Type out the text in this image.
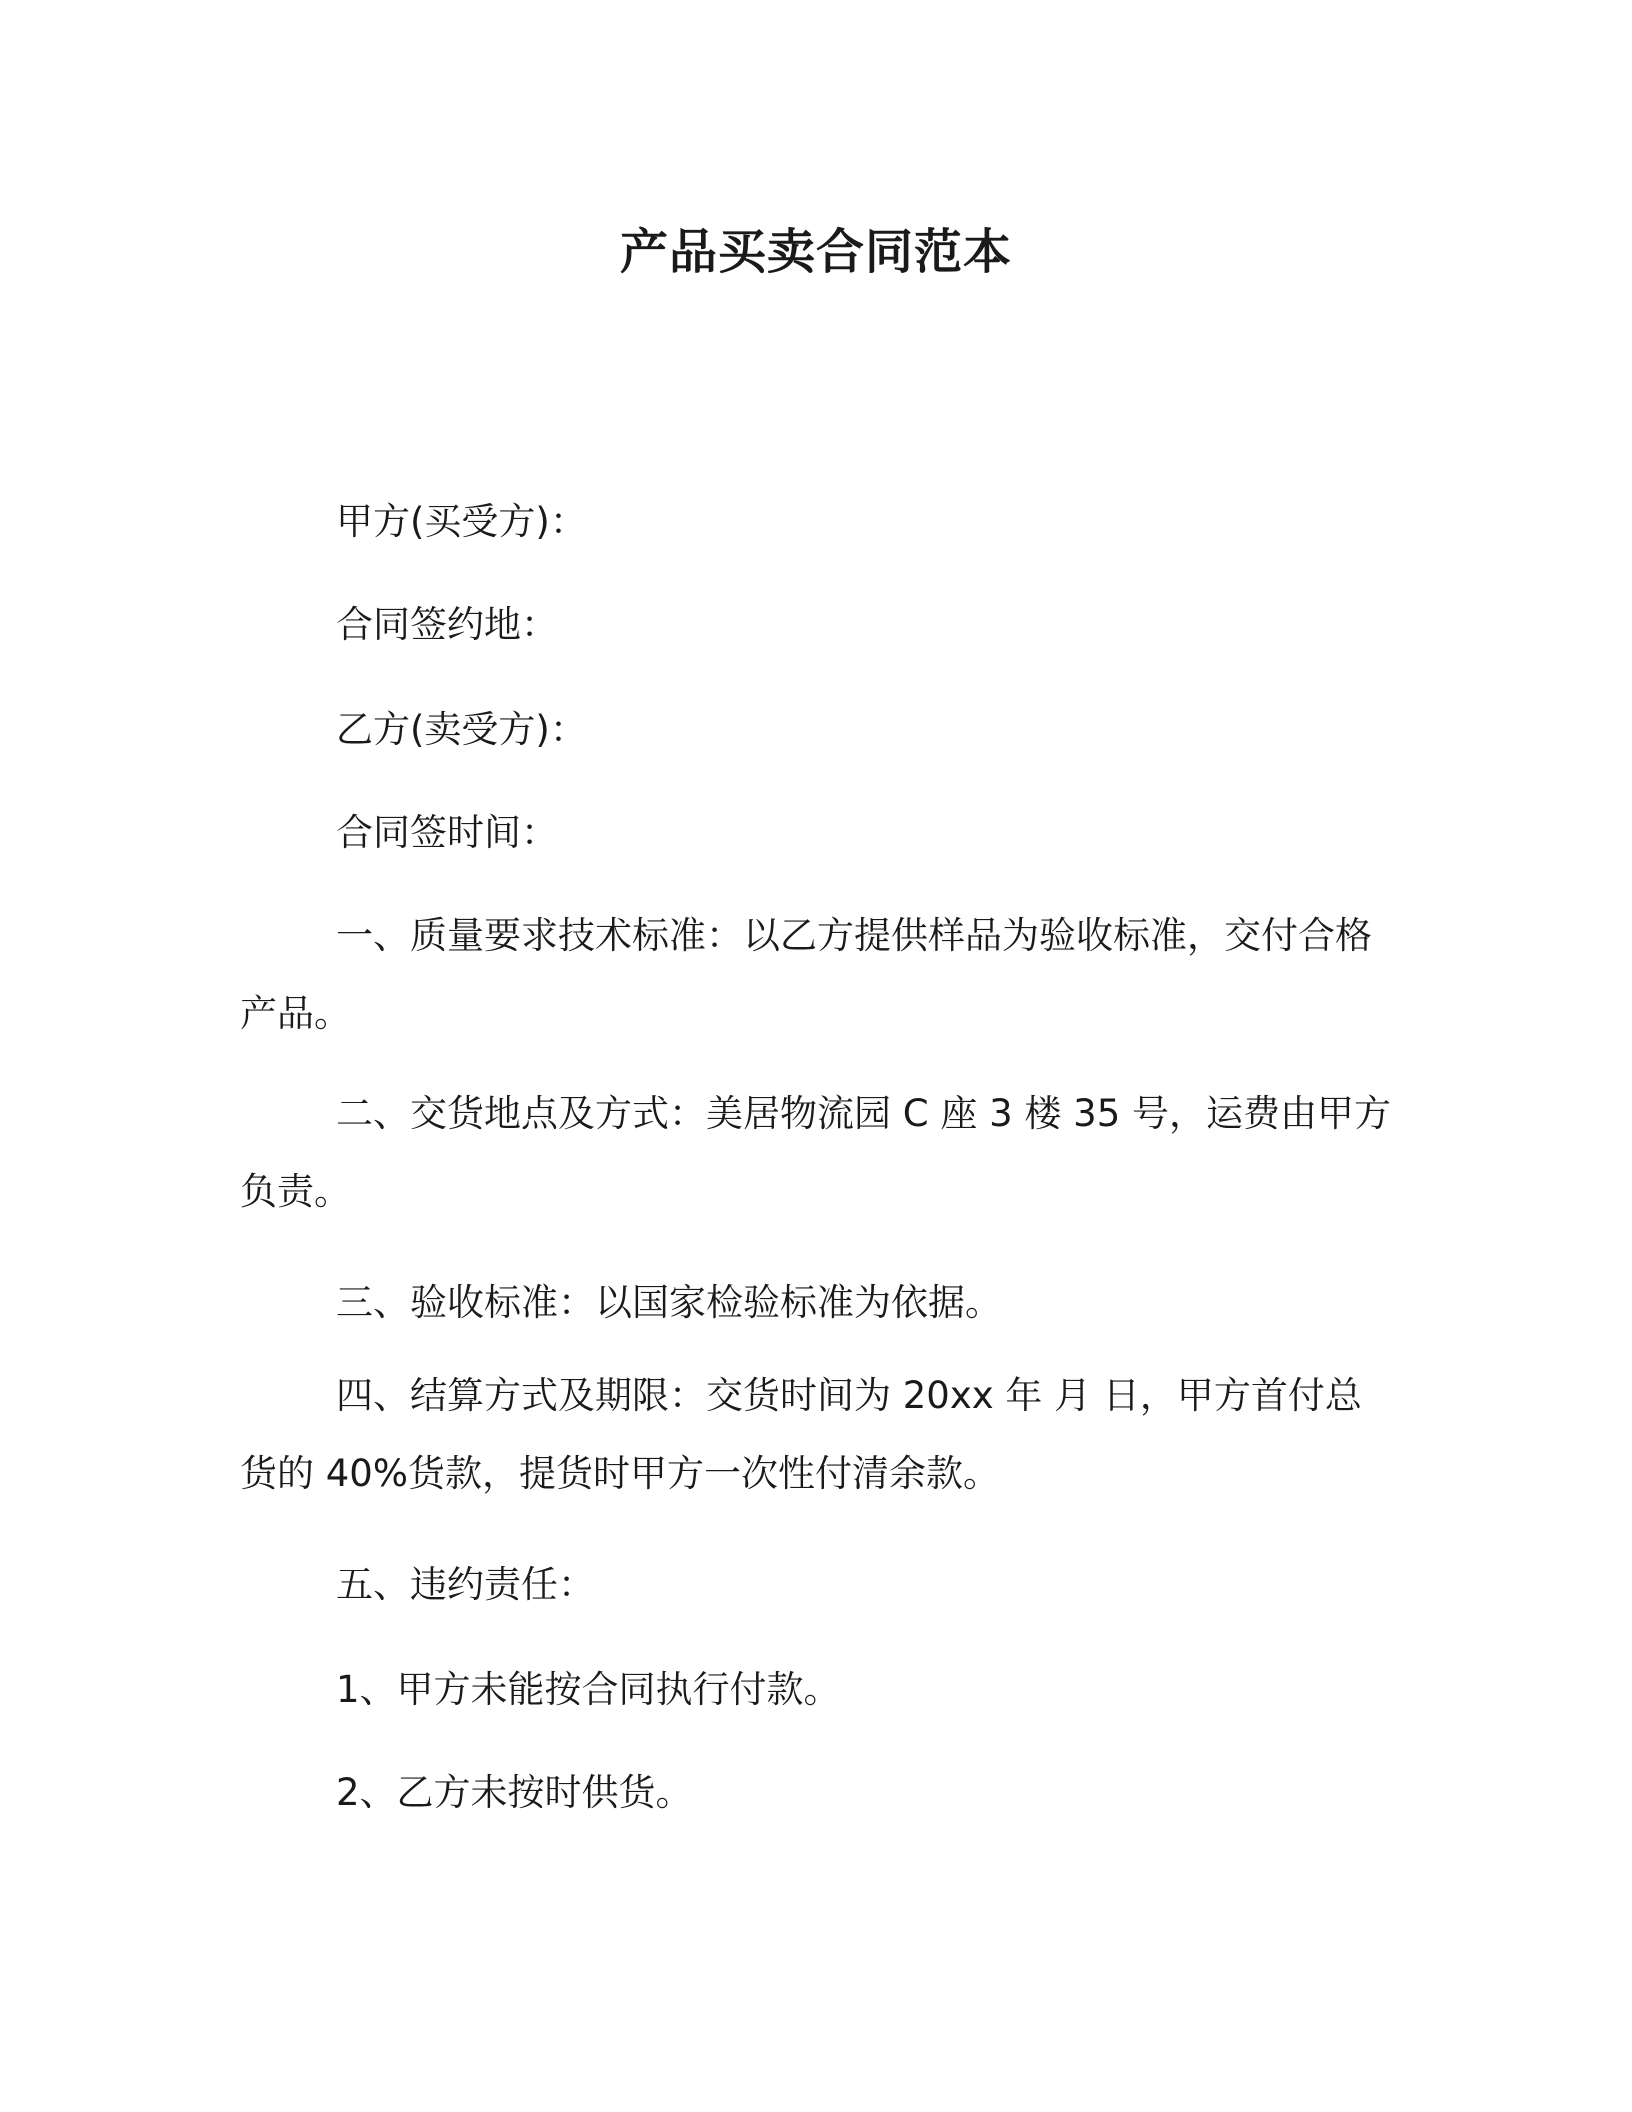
产品买卖合同范本
甲方(买受方)：
合同签约地：
乙方(卖受方)：
合同签时间：
一、质量要求技术标准：以乙方提供样品为验收标准，交付合格产品。
二、交货地点及方式：美居物流园 C 座 3 楼 35 号，运费由甲方负责。
三、验收标准：以国家检验标准为依据。
四、结算方式及期限：交货时间为 20xx 年 月 日，甲方首付总货的 40%货款，提货时甲方一次性付清余款。
五、违约责任：
1、甲方未能按合同执行付款。
2、乙方未按时供货。
